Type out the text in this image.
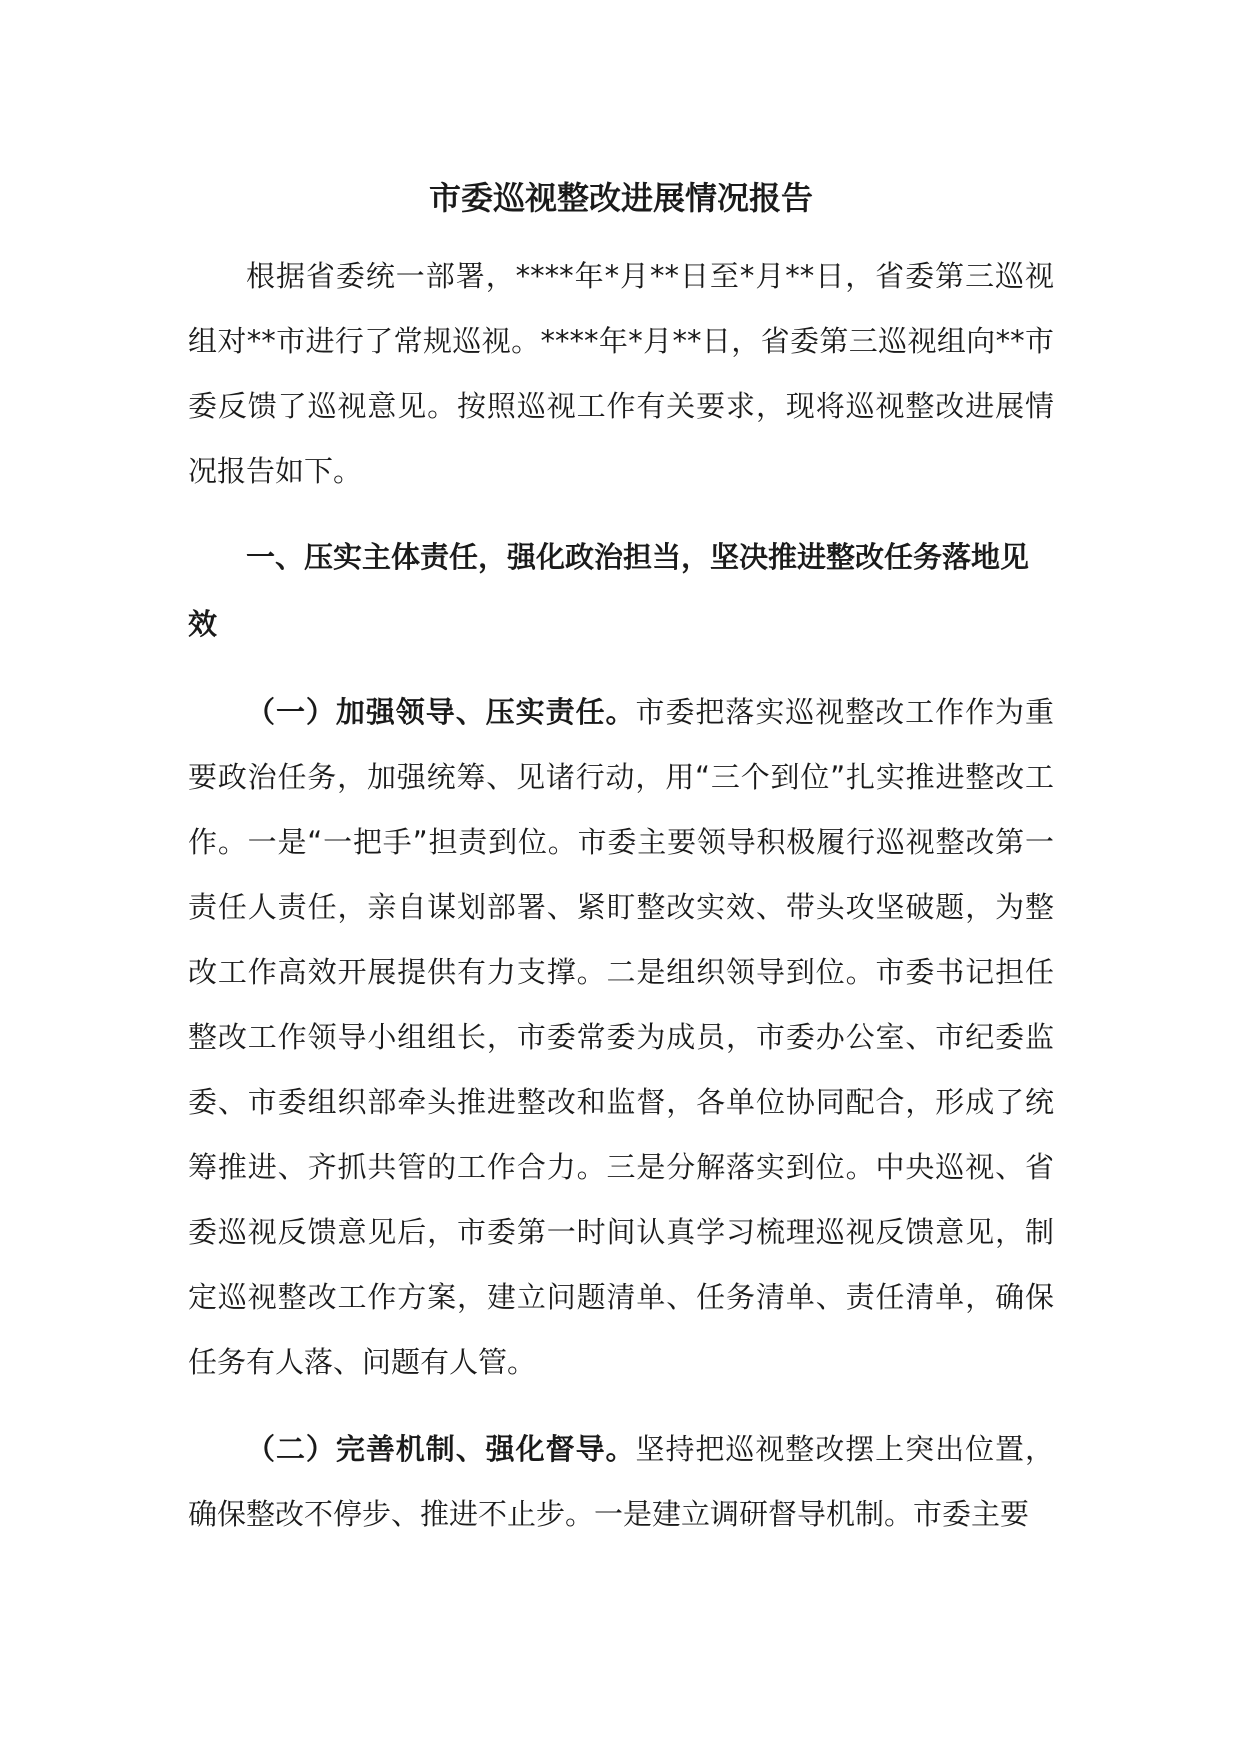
市委巡视整改进展情况报告

根据省委统一部署，****年*月**日至*月**日，省委第三巡视组对**市进行了常规巡视。****年*月**日，省委第三巡视组向**市委反馈了巡视意见。按照巡视工作有关要求，现将巡视整改进展情况报告如下。

一、压实主体责任，强化政治担当，坚决推进整改任务落地见效

（一）加强领导、压实责任。市委把落实巡视整改工作作为重要政治任务，加强统筹、见诸行动，用“三个到位”扎实推进整改工作。一是“一把手”担责到位。市委主要领导积极履行巡视整改第一责任人责任，亲自谋划部署、紧盯整改实效、带头攻坚破题，为整改工作高效开展提供有力支撑。二是组织领导到位。市委书记担任整改工作领导小组组长，市委常委为成员，市委办公室、市纪委监委、市委组织部牵头推进整改和监督，各单位协同配合，形成了统筹推进、齐抓共管的工作合力。三是分解落实到位。中央巡视、省委巡视反馈意见后，市委第一时间认真学习梳理巡视反馈意见，制定巡视整改工作方案，建立问题清单、任务清单、责任清单，确保任务有人落、问题有人管。

（二）完善机制、强化督导。坚持把巡视整改摆上突出位置，确保整改不停步、推进不止步。一是建立调研督导机制。市委主要
